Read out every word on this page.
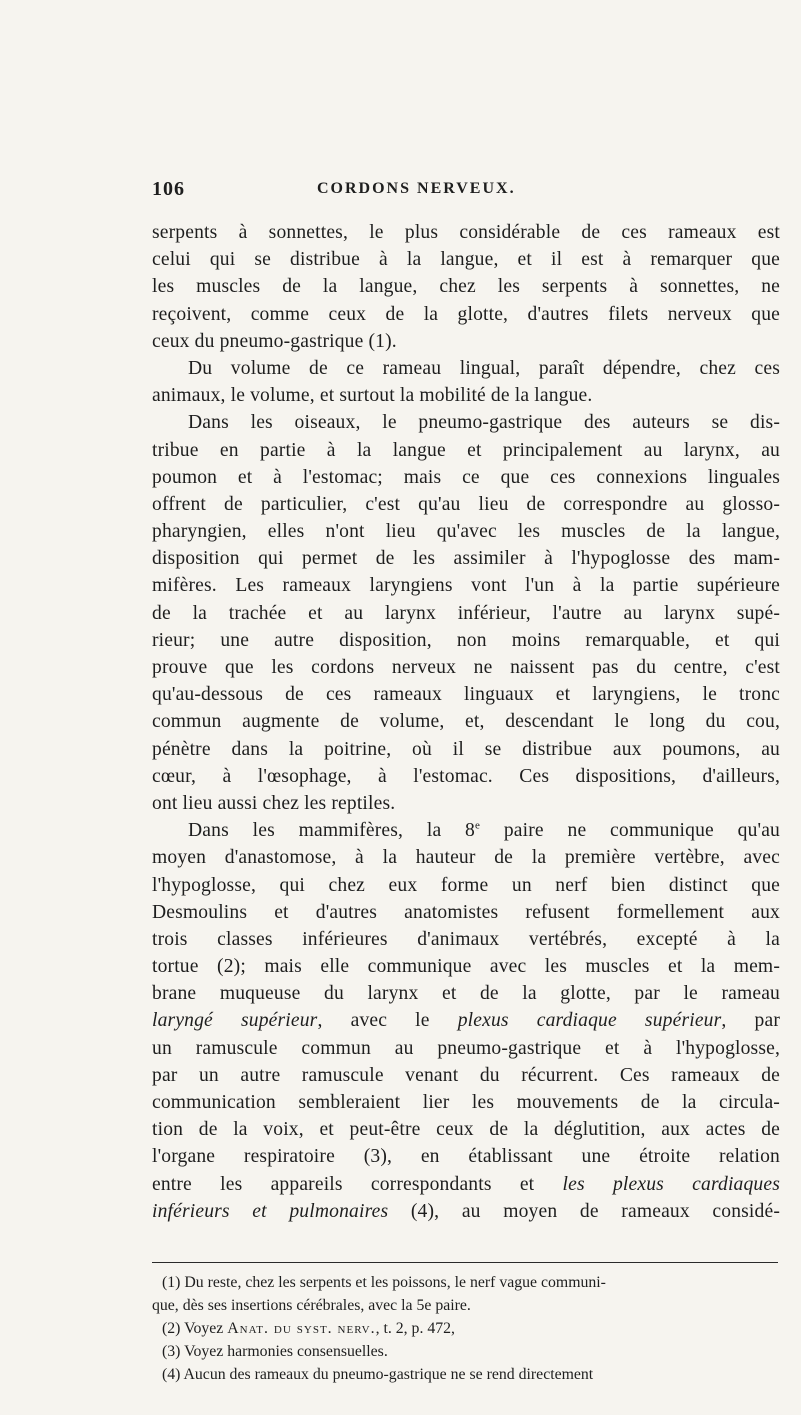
106	CORDONS NERVEUX.
serpents à sonnettes, le plus considérable de ces rameaux est
celui qui se distribue à la langue, et il est à remarquer que
les muscles de la langue, chez les serpents à sonnettes, ne
reçoivent, comme ceux de la glotte, d'autres filets nerveux que
ceux du pneumo-gastrique (1).
Du volume de ce rameau lingual, paraît dépendre, chez ces
animaux, le volume, et surtout la mobilité de la langue.
Dans les oiseaux, le pneumo-gastrique des auteurs se dis-
tribue en partie à la langue et principalement au larynx, au
poumon et à l'estomac; mais ce que ces connexions linguales
offrent de particulier, c'est qu'au lieu de correspondre au glosso-
pharyngien, elles n'ont lieu qu'avec les muscles de la langue,
disposition qui permet de les assimiler à l'hypoglosse des mam-
mifères. Les rameaux laryngiens vont l'un à la partie supérieure
de la trachée et au larynx inférieur, l'autre au larynx supé-
rieur; une autre disposition, non moins remarquable, et qui
prouve que les cordons nerveux ne naissent pas du centre, c'est
qu'au-dessous de ces rameaux linguaux et laryngiens, le tronc
commun augmente de volume, et, descendant le long du cou,
pénètre dans la poitrine, où il se distribue aux poumons, au
cœur, à l'œsophage, à l'estomac. Ces dispositions, d'ailleurs,
ont lieu aussi chez les reptiles.
Dans les mammifères, la 8e paire ne communique qu'au
moyen d'anastomose, à la hauteur de la première vertèbre, avec
l'hypoglosse, qui chez eux forme un nerf bien distinct que
Desmoulins et d'autres anatomistes refusent formellement aux
trois classes inférieures d'animaux vertébrés, excepté à la
tortue (2); mais elle communique avec les muscles et la mem-
brane muqueuse du larynx et de la glotte, par le rameau
laryngé supérieur, avec le plexus cardiaque supérieur, par
un ramuscule commun au pneumo-gastrique et à l'hypoglosse,
par un autre ramuscule venant du récurrent. Ces rameaux de
communication sembleraient lier les mouvements de la circula-
tion de la voix, et peut-être ceux de la déglutition, aux actes de
l'organe respiratoire (3), en établissant une étroite relation
entre les appareils correspondants et les plexus cardiaques
inférieurs et pulmonaires (4), au moyen de rameaux considé-
(1) Du reste, chez les serpents et les poissons, le nerf vague communi-
que, dès ses insertions cérébrales, avec la 5e paire.
(2) Voyez Anat. du syst. nerv., t. 2, p. 472,
(3) Voyez harmonies consensuelles.
(4) Aucun des rameaux du pneumo-gastrique ne se rend directement
